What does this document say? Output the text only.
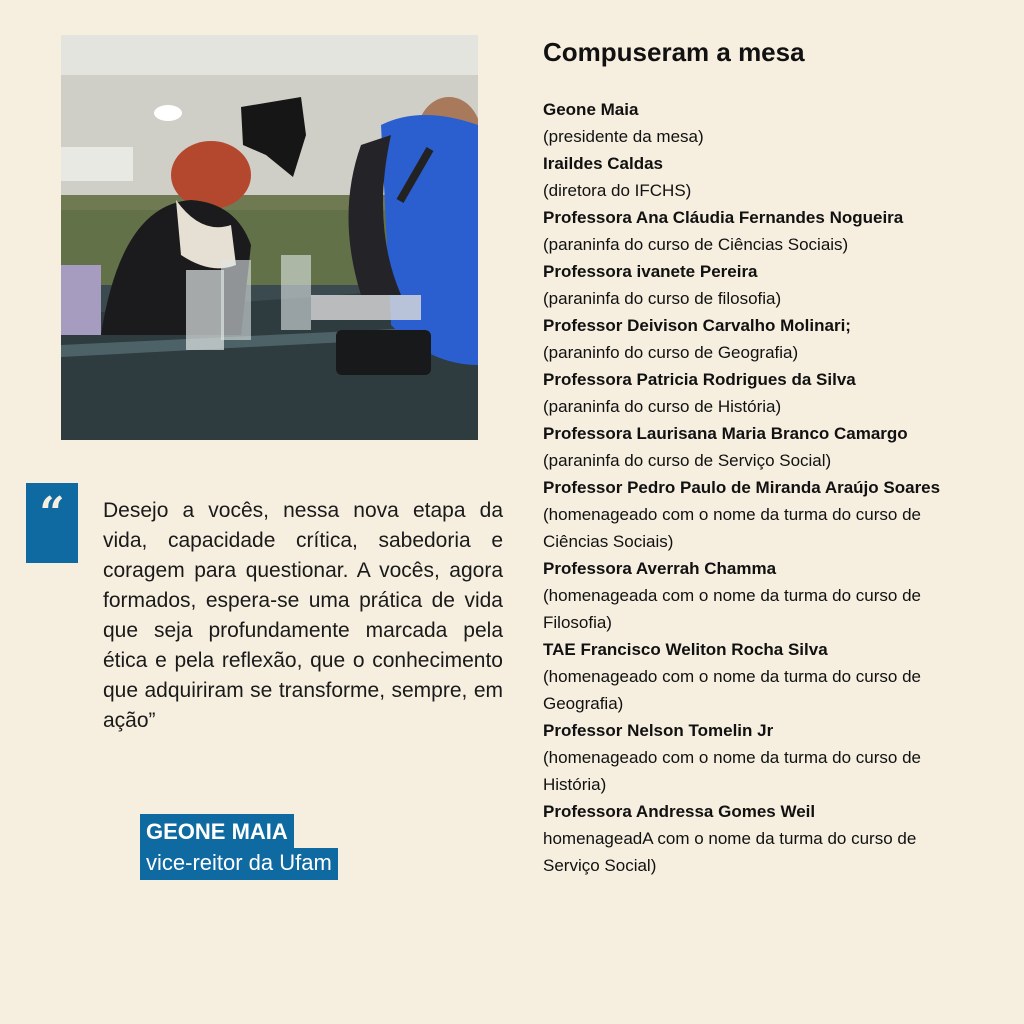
“	Desejo a vocês, nessa nova etapa da vida, capacidade crítica, sabedoria e coragem para questionar. A vocês, agora formados, espera-se uma prática de vida que seja profundamente marcada pela ética e pela reflexão, que o conhecimento que adquiriram se transforme, sempre, em ação”
GEONE MAIA
vice-reitor da Ufam
Compuseram a mesa
Geone Maia
(presidente da mesa)
Iraildes Caldas
(diretora do IFCHS)
Professora Ana Cláudia Fernandes Nogueira
(paraninfa do curso de Ciências Sociais)
Professora ivanete Pereira
(paraninfa do curso de filosofia)
Professor Deivison Carvalho Molinari;
(paraninfo do curso de Geografia)
Professora Patricia Rodrigues da Silva
(paraninfa do curso de História)
Professora Laurisana Maria Branco Camargo
(paraninfa do curso de Serviço Social)
Professor Pedro Paulo de Miranda Araújo Soares
(homenageado com o nome da turma do curso de Ciências Sociais)
Professora Averrah Chamma
(homenageada com o nome da turma do curso de Filosofia)
TAE Francisco Weliton Rocha Silva
(homenageado com o nome da turma do curso de Geografia)
Professor Nelson Tomelin Jr
(homenageado com o nome da turma do curso de História)
Professora Andressa Gomes Weil
homenageadA com o nome da turma do curso de Serviço Social)
